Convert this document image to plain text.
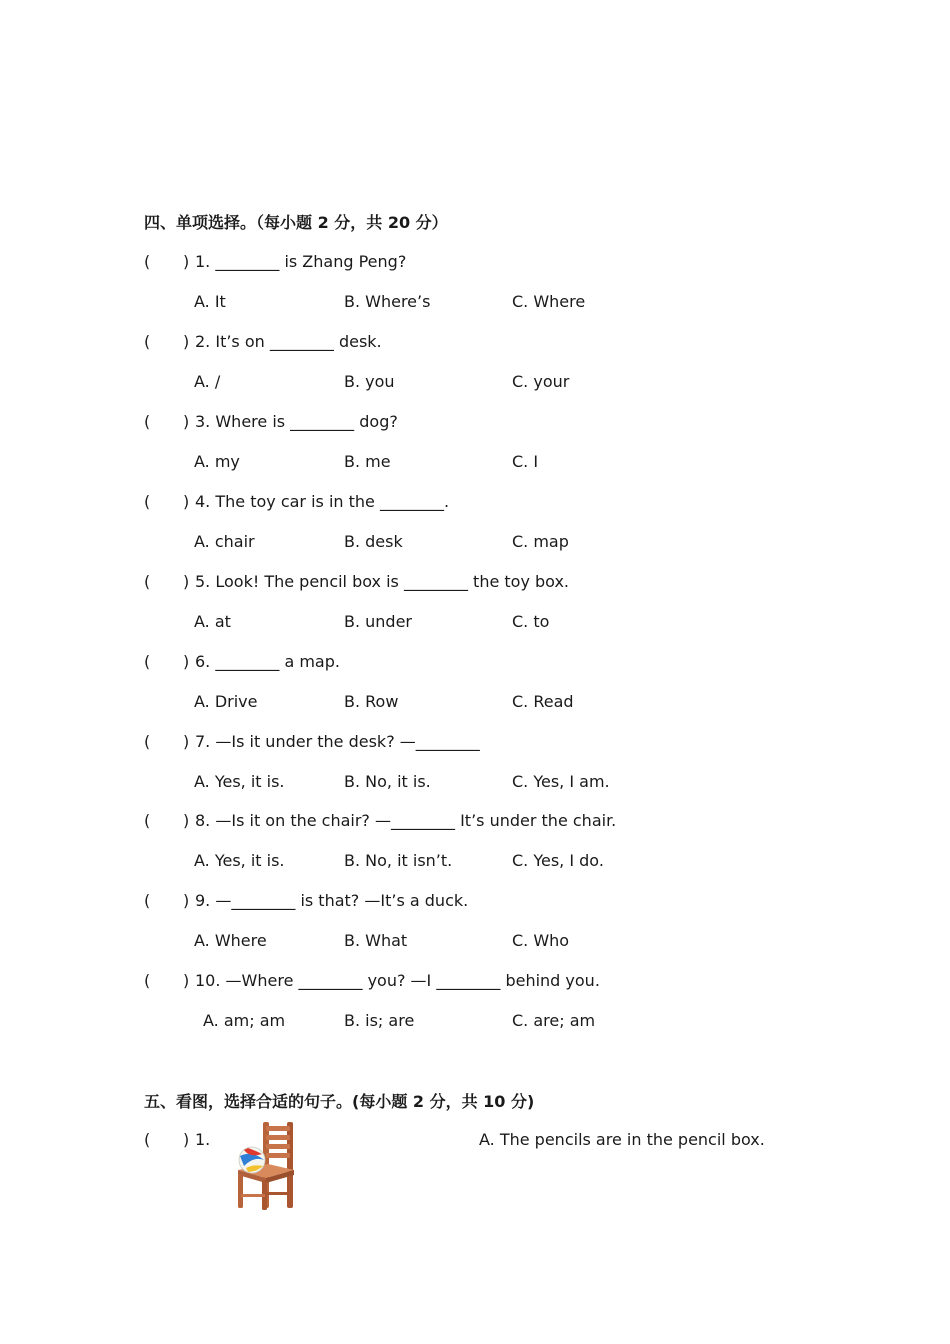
四、单项选择。（每小题 2 分，共 20 分）
( ) 1. ________ is Zhang Peng?
A. It	B. Where’s	C. Where
( ) 2. It’s on ________ desk.
A. /	B. you	C. your
( ) 3. Where is ________ dog?
A. my	B. me	C. I
( ) 4. The toy car is in the ________.
A. chair	B. desk	C. map
( ) 5. Look! The pencil box is ________ the toy box.
A. at	B. under	C. to
( ) 6. ________ a map.
A. Drive	B. Row	C. Read
( ) 7. —Is it under the desk? —________
A. Yes, it is.	B. No, it is.	C. Yes, I am.
( ) 8. —Is it on the chair? —________ It’s under the chair.
A. Yes, it is.	B. No, it isn’t.	C. Yes, I do.
( ) 9. —________ is that? —It’s a duck.
A. Where	B. What	C. Who
( ) 10. —Where ________ you? —I ________ behind you.
A. am; am	B. is; are	C. are; am
五、看图，选择合适的句子。(每小题 2 分，共 10 分)
( ) 1.	A. The pencils are in the pencil box.
